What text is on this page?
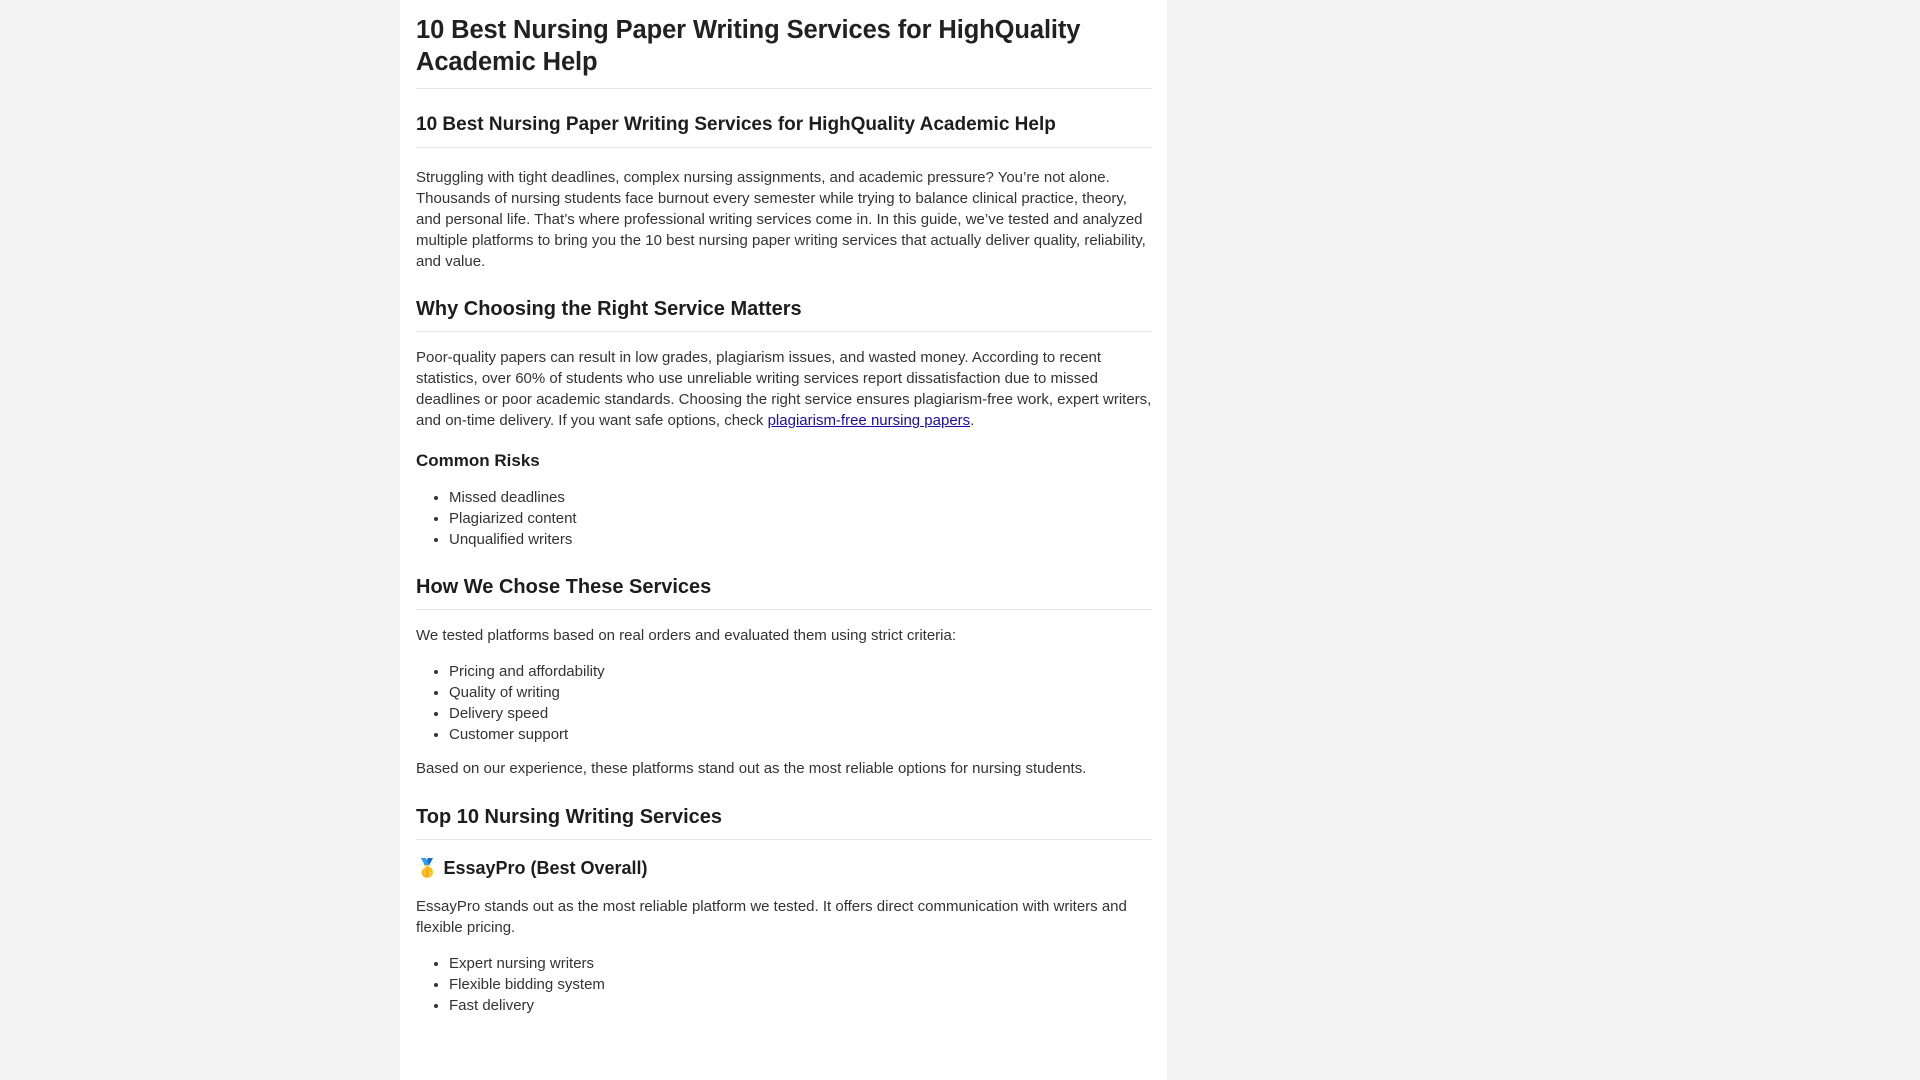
10 Best Nursing Paper Writing Services for HighQuality Academic Help
10 Best Nursing Paper Writing Services for HighQuality Academic Help

Struggling with tight deadlines, complex nursing assignments, and academic pressure? You’re not alone. Thousands of nursing students face burnout every semester while trying to balance clinical practice, theory, and personal life. That’s where professional writing services come in. In this guide, we’ve tested and analyzed multiple platforms to bring you the 10 best nursing paper writing services that actually deliver quality, reliability, and value.

Why Choosing the Right Service Matters

Poor-quality papers can result in low grades, plagiarism issues, and wasted money. According to recent statistics, over 60% of students who use unreliable writing services report dissatisfaction due to missed deadlines or poor academic standards. Choosing the right service ensures plagiarism-free work, expert writers, and on-time delivery. If you want safe options, check plagiarism-free nursing papers.

Common Risks
• Missed deadlines
• Plagiarized content
• Unqualified writers
How We Chose These Services

We tested platforms based on real orders and evaluated them using strict criteria:

• Pricing and affordability
• Quality of writing
• Delivery speed
• Customer support

Based on our experience, these platforms stand out as the most reliable options for nursing students.

Top 10 Nursing Writing Services
🥇 EssayPro (Best Overall)

EssayPro stands out as the most reliable platform we tested. It offers direct communication with writers and flexible pricing.

• Expert nursing writers
• Flexible bidding system
• Fast delivery
